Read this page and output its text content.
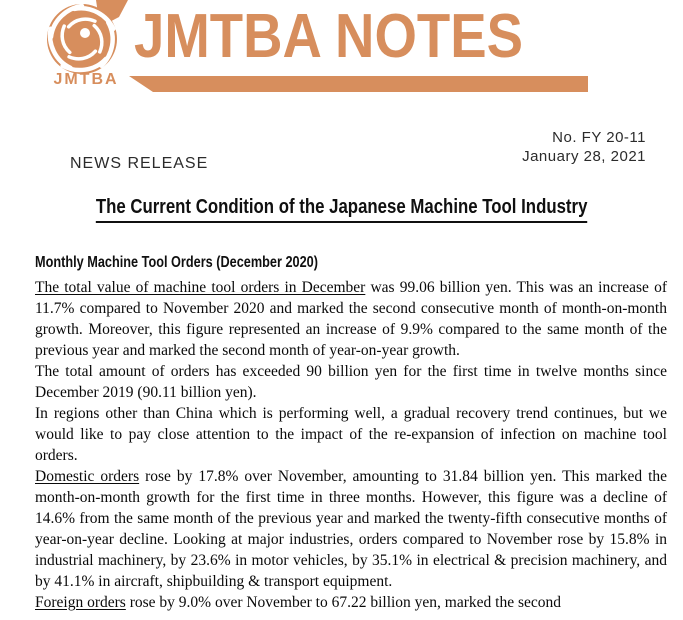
JMTBA
JMTBA NOTES
No. FY 20-11
January 28, 2021
NEWS RELEASE
The Current Condition of the Japanese Machine Tool Industry
Monthly Machine Tool Orders (December 2020)

The total value of machine tool orders in December was 99.06 billion yen. This was an increase of 11.7% compared to November 2020 and marked the second consecutive month of month-on-month growth. Moreover, this figure represented an increase of 9.9% compared to the same month of the previous year and marked the second month of year-on-year growth.

The total amount of orders has exceeded 90 billion yen for the first time in twelve months since December 2019 (90.11 billion yen).

In regions other than China which is performing well, a gradual recovery trend continues, but we would like to pay close attention to the impact of the re-expansion of infection on machine tool orders.

Domestic orders rose by 17.8% over November, amounting to 31.84 billion yen. This marked the month-on-month growth for the first time in three months. However, this figure was a decline of 14.6% from the same month of the previous year and marked the twenty-fifth consecutive months of year-on-year decline. Looking at major industries, orders compared to November rose by 15.8% in industrial machinery, by 23.6% in motor vehicles, by 35.1% in electrical & precision machinery, and by 41.1% in aircraft, shipbuilding & transport equipment.

Foreign orders rose by 9.0% over November to 67.22 billion yen, marked the second
